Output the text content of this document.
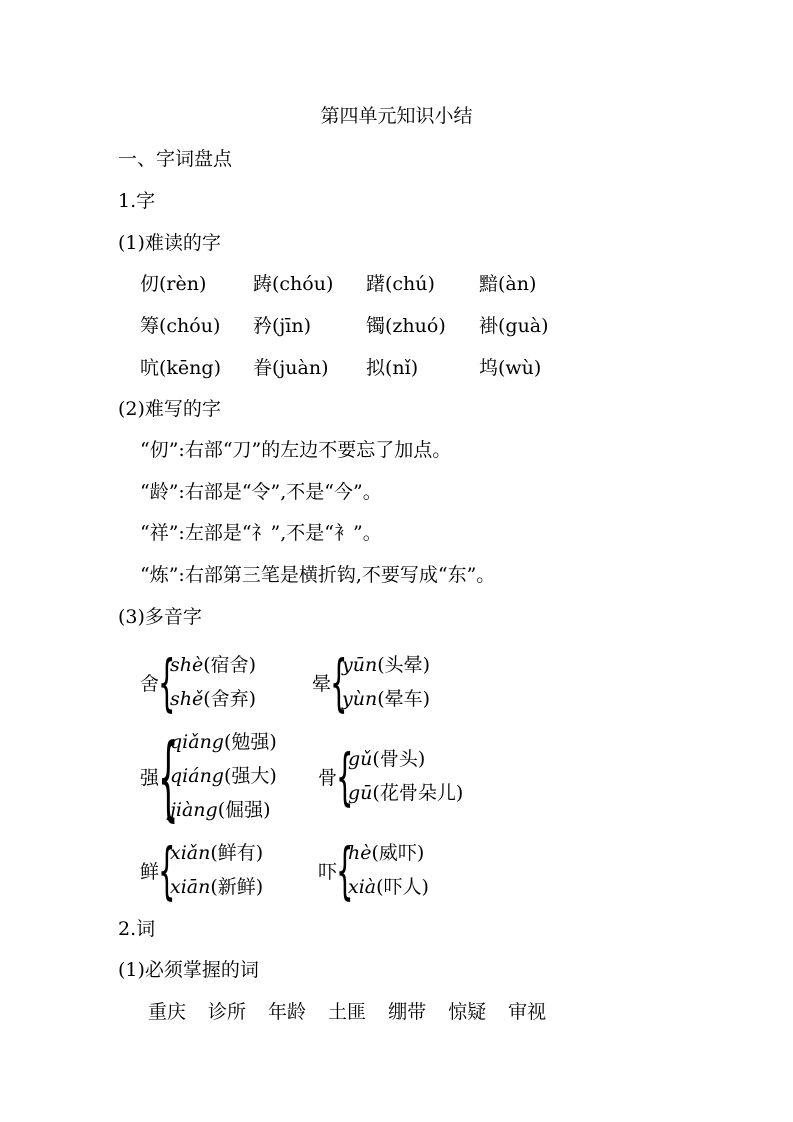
第四单元知识小结
一、字词盘点
1.字
(1)难读的字
仞(rèn) 踌(chóu) 躇(chú) 黯(àn)
筹(chóu) 矜(jīn)	镯(zhuó) 褂(guà)
吭(kēng) 眷(juàn) 拟(nǐ)	坞(wù)
(2)难写的字
“仞”:右部“刀”的左边不要忘了加点。
“龄”:右部是“令”,不是“今”。
“祥”:左部是“礻”,不是“衤”。
“炼”:右部第三笔是横折钩,不要写成“东”。
(3)多音字
舍
{
shè(宿舍)
shě(舍弃)
晕
{
yūn(头晕)
yùn(晕车)
强
{
qiǎng(勉强)
qiáng(强大)
jiàng(倔强)
骨
{
gǔ(骨头)
gū(花骨朵儿)
鲜
{
xiǎn(鲜有)
xiān(新鲜)
吓
{
hè(威吓)
xià(吓人)
2.词
(1)必须掌握的词
重庆 诊所 年龄 土匪 绷带 惊疑 审视
